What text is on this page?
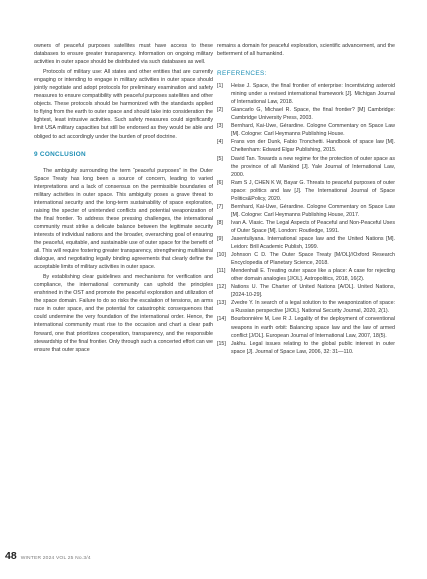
owners of peaceful purposes satellites must have access to these databases to ensure greater transparency. Information on ongoing military activities in outer space should be distributed via such databases as well.

Protocols of military use: All states and other entities that are currently engaging or intending to engage in military activities in outer space should jointly negotiate and adopt protocols for preliminary examination and safety measures to ensure compatibility with peaceful purposes satellites and other objects. These protocols should be harmonized with the standards applied to flying from the earth to outer space and should take into consideration the lightest, least intrusive activities. Such safety measures could significantly limit USA military capacities but still be endorsed as they would be able and obliged to act accordingly under the burden of proof doctrine.

9 CONCLUSION

The ambiguity surrounding the term “peaceful purposes” in the Outer Space Treaty has long been a source of concern, leading to varied interpretations and a lack of consensus on the permissible boundaries of military activities in outer space. This ambiguity poses a grave threat to international security and the long-term sustainability of space exploration, raising the specter of unintended conflicts and potential weaponization of the final frontier. To address these pressing challenges, the international community must strike a delicate balance between the legitimate security interests of individual nations and the broader, overarching goal of ensuring the peaceful, equitable, and sustainable use of outer space for the benefit of all. This will require fostering greater transparency, strengthening multilateral dialogue, and negotiating legally binding agreements that clearly define the acceptable limits of military activities in outer space.

By establishing clear guidelines and mechanisms for verification and compliance, the international community can uphold the principles enshrined in the OST and promote the peaceful exploration and utilization of the space domain. Failure to do so risks the escalation of tensions, an arms race in outer space, and the potential for catastrophic consequences that could undermine the very foundation of the international order. Hence, the international community must rise to the occasion and chart a clear path forward, one that prioritizes cooperation, transparency, and the responsible stewardship of the final frontier. Only through such a concerted effort can we ensure that outer space

remains a domain for peaceful exploration, scientific advancement, and the betterment of all humankind.

REFERENCES:
[1]	Heise J. Space, the final frontier of enterprise: Incentivizing asteroid mining under a revised international framework [J]. Michigan Journal of International Law, 2018.
[2]	Giancarlo G, Michael R. Space, the final frontier? [M] Cambridge: Cambridge University Press, 2003.
[3]	Bernhard, Kai-Uwe, Gérardine. Cologne Commentary on Space Law [M]. Cologne: Carl Heymanns Publishing House.
[4]	Frans von der Dunk, Fabio Tronchetti. Handbook of space law [M]. Cheltenham: Edward Elgar Publishing, 2015.
[5]	David Tan. Towards a new regime for the protection of outer space as the province of all Mankind [J]. Yale Journal of International Law, 2000.
[6]	Ram S J, CHEN K W, Bayar G. Threats to peaceful purposes of outer space: politics and law [J]. The International Journal of Space Politics&Policy, 2020.
[7]	Bernhard, Kai-Uwe, Gérardine. Cologne Commentary on Space Law [M]. Cologne: Carl Heymanns Publishing House, 2017.
[8]	Ivan A. Vlasic. The Legal Aspects of Peaceful and Non-Peaceful Uses of Outer Space [M]. London: Routledge, 1991.
[9]	Jasentuliyana. International space law and the United Nations [M]. Leidon: Brill Academic Publish, 1999.
[10] Johnson C D. The Outer Space Treaty [M/OL]//Oxford Research Encyclopedia of Planetary Science, 2018.
[11]	Mendenhall E. Treating outer space like a place: A case for rejecting other domain analogies [J/OL]. Astropolitics, 2018, 16(2).
[12] Nations U. The Charter of United Nations [A/OL]. United Nations, [2024-10-29].
[13] Zvedre Y. In search of a legal solution to the weaponization of space: a Russian perspective [J/OL]. National Security Journal, 2020, 2(1).
[14] Bourbonnière M, Lee R J. Legality of the deployment of conventional weapons in earth orbit: Balancing space law and the law of armed conflict [J/OL]. European Journal of International Law, 2007, 18(5).
[15] Jakhu. Legal issues relating to the global public interest in outer space [J]. Journal of Space Law, 2006, 32: 31—110.
48 WINTER 2024 VOL 25 No.3/4
